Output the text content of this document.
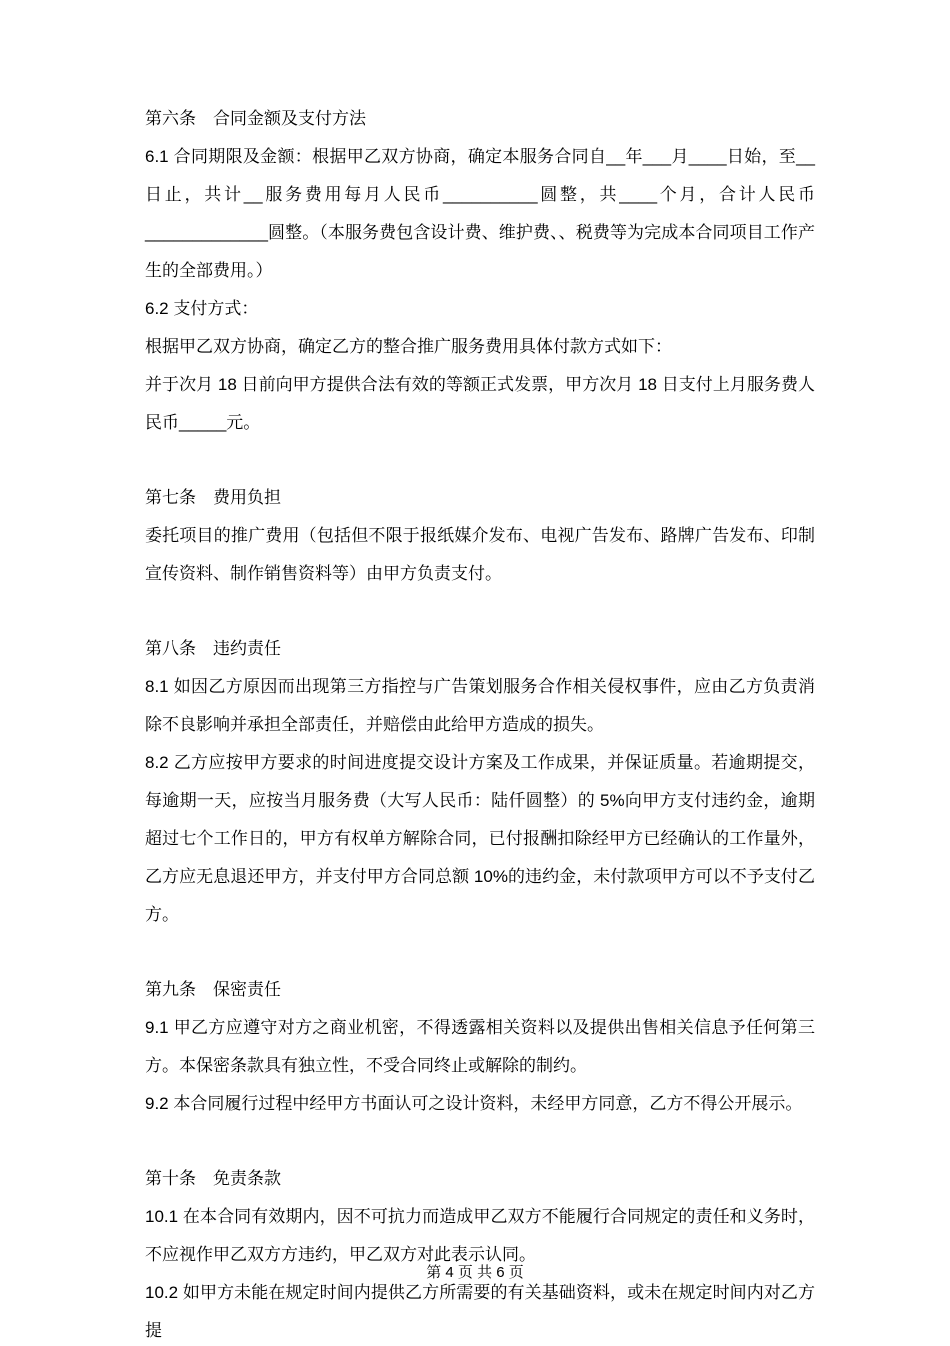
第六条　合同金额及支付方法

6.1 合同期限及金额：根据甲乙双方协商，确定本服务合同自__年___月____日始，至__日止，共计__服务费用每月人民币__________圆整，共____个月，合计人民币_____________圆整。（本服务费包含设计费、维护费、、税费等为完成本合同项目工作产生的全部费用。）

6.2 支付方式：

根据甲乙双方协商，确定乙方的整合推广服务费用具体付款方式如下：

并于次月 18 日前向甲方提供合法有效的等额正式发票，甲方次月 18 日支付上月服务费人民币_____元。

第七条　费用负担

委托项目的推广费用（包括但不限于报纸媒介发布、电视广告发布、路牌广告发布、印制宣传资料、制作销售资料等）由甲方负责支付。

第八条　违约责任

8.1 如因乙方原因而出现第三方指控与广告策划服务合作相关侵权事件，应由乙方负责消除不良影响并承担全部责任，并赔偿由此给甲方造成的损失。

8.2 乙方应按甲方要求的时间进度提交设计方案及工作成果，并保证质量。若逾期提交，每逾期一天，应按当月服务费（大写人民币：陆仟圆整）的 5%向甲方支付违约金，逾期超过七个工作日的，甲方有权单方解除合同，已付报酬扣除经甲方已经确认的工作量外，乙方应无息退还甲方，并支付甲方合同总额 10%的违约金，未付款项甲方可以不予支付乙方。

第九条　保密责任

9.1 甲乙方应遵守对方之商业机密，不得透露相关资料以及提供出售相关信息予任何第三方。本保密条款具有独立性，不受合同终止或解除的制约。

9.2 本合同履行过程中经甲方书面认可之设计资料，未经甲方同意，乙方不得公开展示。

第十条　免责条款

10.1 在本合同有效期内，因不可抗力而造成甲乙双方不能履行合同规定的责任和义务时，不应视作甲乙双方方违约，甲乙双方对此表示认同。

10.2 如甲方未能在规定时间内提供乙方所需要的有关基础资料，或未在规定时间内对乙方提

第 4 页 共 6 页
